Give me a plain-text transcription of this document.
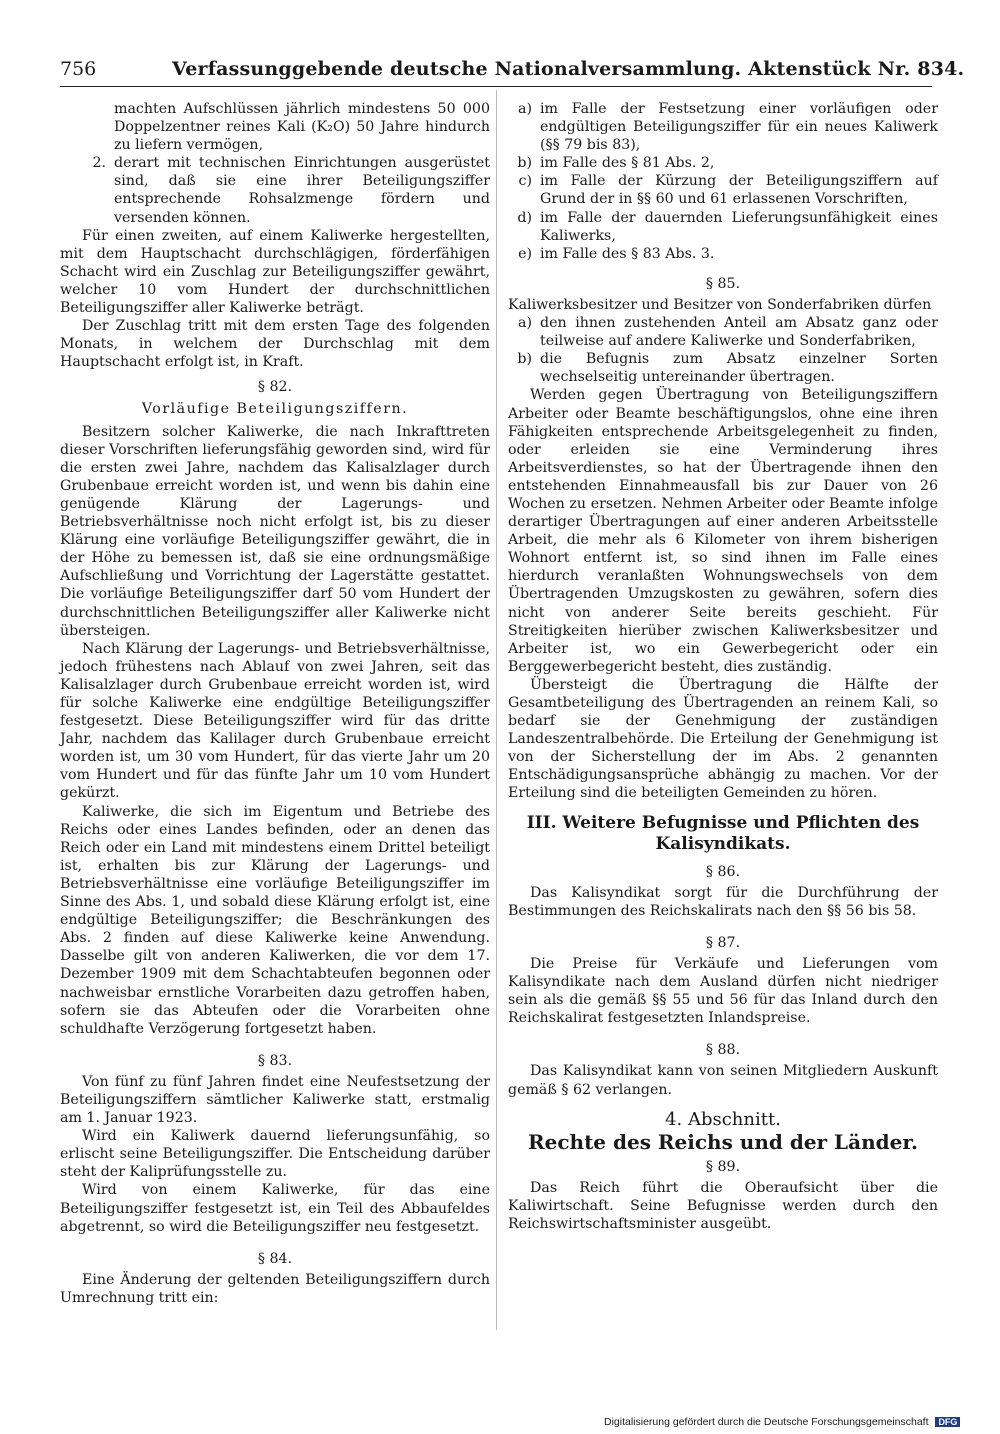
756	Verfassunggebende deutsche Nationalversammlung. Aktenstück Nr. 834.

machten Aufschlüssen jährlich mindestens 50 000 Doppelzentner reines Kali (K₂O) 50 Jahre hindurch zu liefern vermögen,

2. derart mit technischen Einrichtungen ausgerüstet sind, daß sie eine ihrer Beteiligungsziffer entsprechende Rohsalzmenge fördern und versenden können.

Für einen zweiten, auf einem Kaliwerke hergestellten, mit dem Hauptschacht durchschlägigen, förderfähigen Schacht wird ein Zuschlag zur Beteiligungsziffer gewährt, welcher 10 vom Hundert der durchschnittlichen Beteiligungsziffer aller Kaliwerke beträgt.

Der Zuschlag tritt mit dem ersten Tage des folgenden Monats, in welchem der Durchschlag mit dem Hauptschacht erfolgt ist, in Kraft.

§ 82.

Vorläufige Beteiligungsziffern.

Besitzern solcher Kaliwerke, die nach Inkrafttreten dieser Vorschriften lieferungsfähig geworden sind, wird für die ersten zwei Jahre, nachdem das Kalisalzlager durch Grubenbaue erreicht worden ist, und wenn bis dahin eine genügende Klärung der Lagerungs- und Betriebsverhältnisse noch nicht erfolgt ist, bis zu dieser Klärung eine vorläufige Beteiligungsziffer gewährt, die in der Höhe zu bemessen ist, daß sie eine ordnungsmäßige Aufschließung und Vorrichtung der Lagerstätte gestattet. Die vorläufige Beteiligungsziffer darf 50 vom Hundert der durchschnittlichen Beteiligungsziffer aller Kaliwerke nicht übersteigen.

Nach Klärung der Lagerungs- und Betriebsverhältnisse, jedoch frühestens nach Ablauf von zwei Jahren, seit das Kalisalzlager durch Grubenbaue erreicht worden ist, wird für solche Kaliwerke eine endgültige Beteiligungsziffer festgesetzt. Diese Beteiligungsziffer wird für das dritte Jahr, nachdem das Kalilager durch Grubenbaue erreicht worden ist, um 30 vom Hundert, für das vierte Jahr um 20 vom Hundert und für das fünfte Jahr um 10 vom Hundert gekürzt.

Kaliwerke, die sich im Eigentum und Betriebe des Reichs oder eines Landes befinden, oder an denen das Reich oder ein Land mit mindestens einem Drittel beteiligt ist, erhalten bis zur Klärung der Lagerungs- und Betriebsverhältnisse eine vorläufige Beteiligungsziffer im Sinne des Abs. 1, und sobald diese Klärung erfolgt ist, eine endgültige Beteiligungsziffer; die Beschränkungen des Abs. 2 finden auf diese Kaliwerke keine Anwendung. Dasselbe gilt von anderen Kaliwerken, die vor dem 17. Dezember 1909 mit dem Schachtabteufen begonnen oder nachweisbar ernstliche Vorarbeiten dazu getroffen haben, sofern sie das Abteufen oder die Vorarbeiten ohne schuldhafte Verzögerung fortgesetzt haben.

§ 83.

Von fünf zu fünf Jahren findet eine Neufestsetzung der Beteiligungsziffern sämtlicher Kaliwerke statt, erstmalig am 1. Januar 1923.

Wird ein Kaliwerk dauernd lieferungsunfähig, so erlischt seine Beteiligungsziffer. Die Entscheidung darüber steht der Kaliprüfungsstelle zu.

Wird von einem Kaliwerke, für das eine Beteiligungsziffer festgesetzt ist, ein Teil des Abbaufeldes abgetrennt, so wird die Beteiligungsziffer neu festgesetzt.

§ 84.

Eine Änderung der geltenden Beteiligungsziffern durch Umrechnung tritt ein:

a) im Falle der Festsetzung einer vorläufigen oder endgültigen Beteiligungsziffer für ein neues Kaliwerk (§§ 79 bis 83),
b) im Falle des § 81 Abs. 2,
c) im Falle der Kürzung der Beteiligungsziffern auf Grund der in §§ 60 und 61 erlassenen Vorschriften,
d) im Falle der dauernden Lieferungsunfähigkeit eines Kaliwerks,
e) im Falle des § 83 Abs. 3.

§ 85.

Kaliwerksbesitzer und Besitzer von Sonderfabriken dürfen

a) den ihnen zustehenden Anteil am Absatz ganz oder teilweise auf andere Kaliwerke und Sonderfabriken,
b) die Befugnis zum Absatz einzelner Sorten wechselseitig untereinander übertragen.

Werden gegen Übertragung von Beteiligungsziffern Arbeiter oder Beamte beschäftigungslos, ohne eine ihren Fähigkeiten entsprechende Arbeitsgelegenheit zu finden, oder erleiden sie eine Verminderung ihres Arbeitsverdienstes, so hat der Übertragende ihnen den entstehenden Einnahmeausfall bis zur Dauer von 26 Wochen zu ersetzen. Nehmen Arbeiter oder Beamte infolge derartiger Übertragungen auf einer anderen Arbeitsstelle Arbeit, die mehr als 6 Kilometer von ihrem bisherigen Wohnort entfernt ist, so sind ihnen im Falle eines hierdurch veranlaßten Wohnungswechsels von dem Übertragenden Umzugskosten zu gewähren, sofern dies nicht von anderer Seite bereits geschieht. Für Streitigkeiten hierüber zwischen Kaliwerksbesitzer und Arbeiter ist, wo ein Gewerbegericht oder ein Berggewerbegericht besteht, dies zuständig.

Übersteigt die Übertragung die Hälfte der Gesamtbeteiligung des Übertragenden an reinem Kali, so bedarf sie der Genehmigung der zuständigen Landeszentralbehörde. Die Erteilung der Genehmigung ist von der Sicherstellung der im Abs. 2 genannten Entschädigungsansprüche abhängig zu machen. Vor der Erteilung sind die beteiligten Gemeinden zu hören.

III. Weitere Befugnisse und Pflichten des Kalisyndikats.

§ 86.

Das Kalisyndikat sorgt für die Durchführung der Bestimmungen des Reichskalirats nach den §§ 56 bis 58.

§ 87.

Die Preise für Verkäufe und Lieferungen vom Kalisyndikate nach dem Ausland dürfen nicht niedriger sein als die gemäß §§ 55 und 56 für das Inland durch den Reichskalirat festgesetzten Inlandspreise.

§ 88.

Das Kalisyndikat kann von seinen Mitgliedern Auskunft gemäß § 62 verlangen.

4. Abschnitt.

Rechte des Reichs und der Länder.

§ 89.

Das Reich führt die Oberaufsicht über die Kaliwirtschaft. Seine Befugnisse werden durch den Reichswirtschaftsminister ausgeübt.

Digitalisierung gefördert durch die Deutsche Forschungsgemeinschaft DFG
